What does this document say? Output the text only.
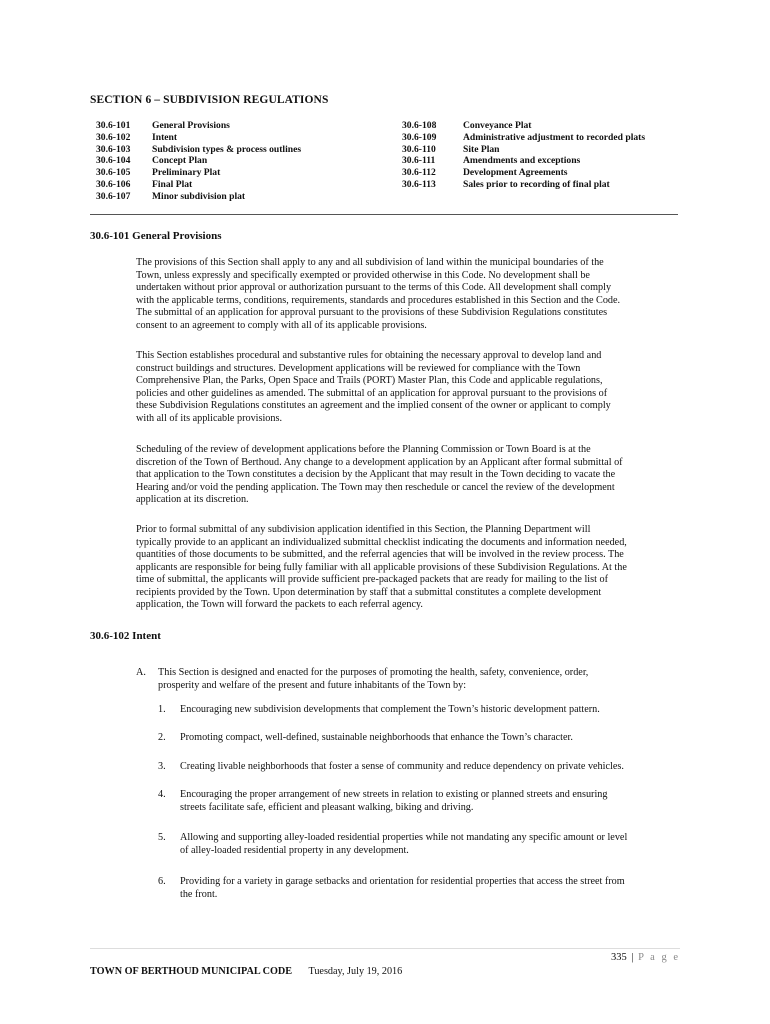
SECTION 6 – SUBDIVISION REGULATIONS
30.6-101	General Provisions
30.6-102	Intent
30.6-103	Subdivision types & process outlines
30.6-104	Concept Plan
30.6-105	Preliminary Plat
30.6-106	Final Plat
30.6-107	Minor subdivision plat
30.6-108	Conveyance Plat
30.6-109	Administrative adjustment to recorded plats
30.6-110	Site Plan
30.6-111	Amendments and exceptions
30.6-112	Development Agreements
30.6-113	Sales prior to recording of final plat
30.6-101 General Provisions
The provisions of this Section shall apply to any and all subdivision of land within the municipal boundaries of the
Town, unless expressly and specifically exempted or provided otherwise in this Code. No development shall be
undertaken without prior approval or authorization pursuant to the terms of this Code. All development shall comply
with the applicable terms, conditions, requirements, standards and procedures established in this Section and the Code.
The submittal of an application for approval pursuant to the provisions of these Subdivision Regulations constitutes
consent to an agreement to comply with all of its applicable provisions.
This Section establishes procedural and substantive rules for obtaining the necessary approval to develop land and
construct buildings and structures. Development applications will be reviewed for compliance with the Town
Comprehensive Plan, the Parks, Open Space and Trails (PORT) Master Plan, this Code and applicable regulations,
policies and other guidelines as amended. The submittal of an application for approval pursuant to the provisions of
these Subdivision Regulations constitutes an agreement and the implied consent of the owner or applicant to comply
with all of its applicable provisions.
Scheduling of the review of development applications before the Planning Commission or Town Board is at the
discretion of the Town of Berthoud. Any change to a development application by an Applicant after formal submittal of
that application to the Town constitutes a decision by the Applicant that may result in the Town deciding to vacate the
Hearing and/or void the pending application. The Town may then reschedule or cancel the review of the development
application at its discretion.
Prior to formal submittal of any subdivision application identified in this Section, the Planning Department will
typically provide to an applicant an individualized submittal checklist indicating the documents and information needed,
quantities of those documents to be submitted, and the referral agencies that will be involved in the review process. The
applicants are responsible for being fully familiar with all applicable provisions of these Subdivision Regulations. At the
time of submittal, the applicants will provide sufficient pre-packaged packets that are ready for mailing to the list of
recipients provided by the Town. Upon determination by staff that a submittal constitutes a complete development
application, the Town will forward the packets to each referral agency.
30.6-102 Intent
A. This Section is designed and enacted for the purposes of promoting the health, safety, convenience, order,
prosperity and welfare of the present and future inhabitants of the Town by:
1. Encouraging new subdivision developments that complement the Town’s historic development pattern.
2. Promoting compact, well-defined, sustainable neighborhoods that enhance the Town’s character.
3. Creating livable neighborhoods that foster a sense of community and reduce dependency on private vehicles.
4. Encouraging the proper arrangement of new streets in relation to existing or planned streets and ensuring
streets facilitate safe, efficient and pleasant walking, biking and driving.
5. Allowing and supporting alley-loaded residential properties while not mandating any specific amount or level
of alley-loaded residential property in any development.
6. Providing for a variety in garage setbacks and orientation for residential properties that access the street from
the front.
335 | P a g e
TOWN OF BERTHOUD MUNICIPAL CODE Tuesday, July 19, 2016
